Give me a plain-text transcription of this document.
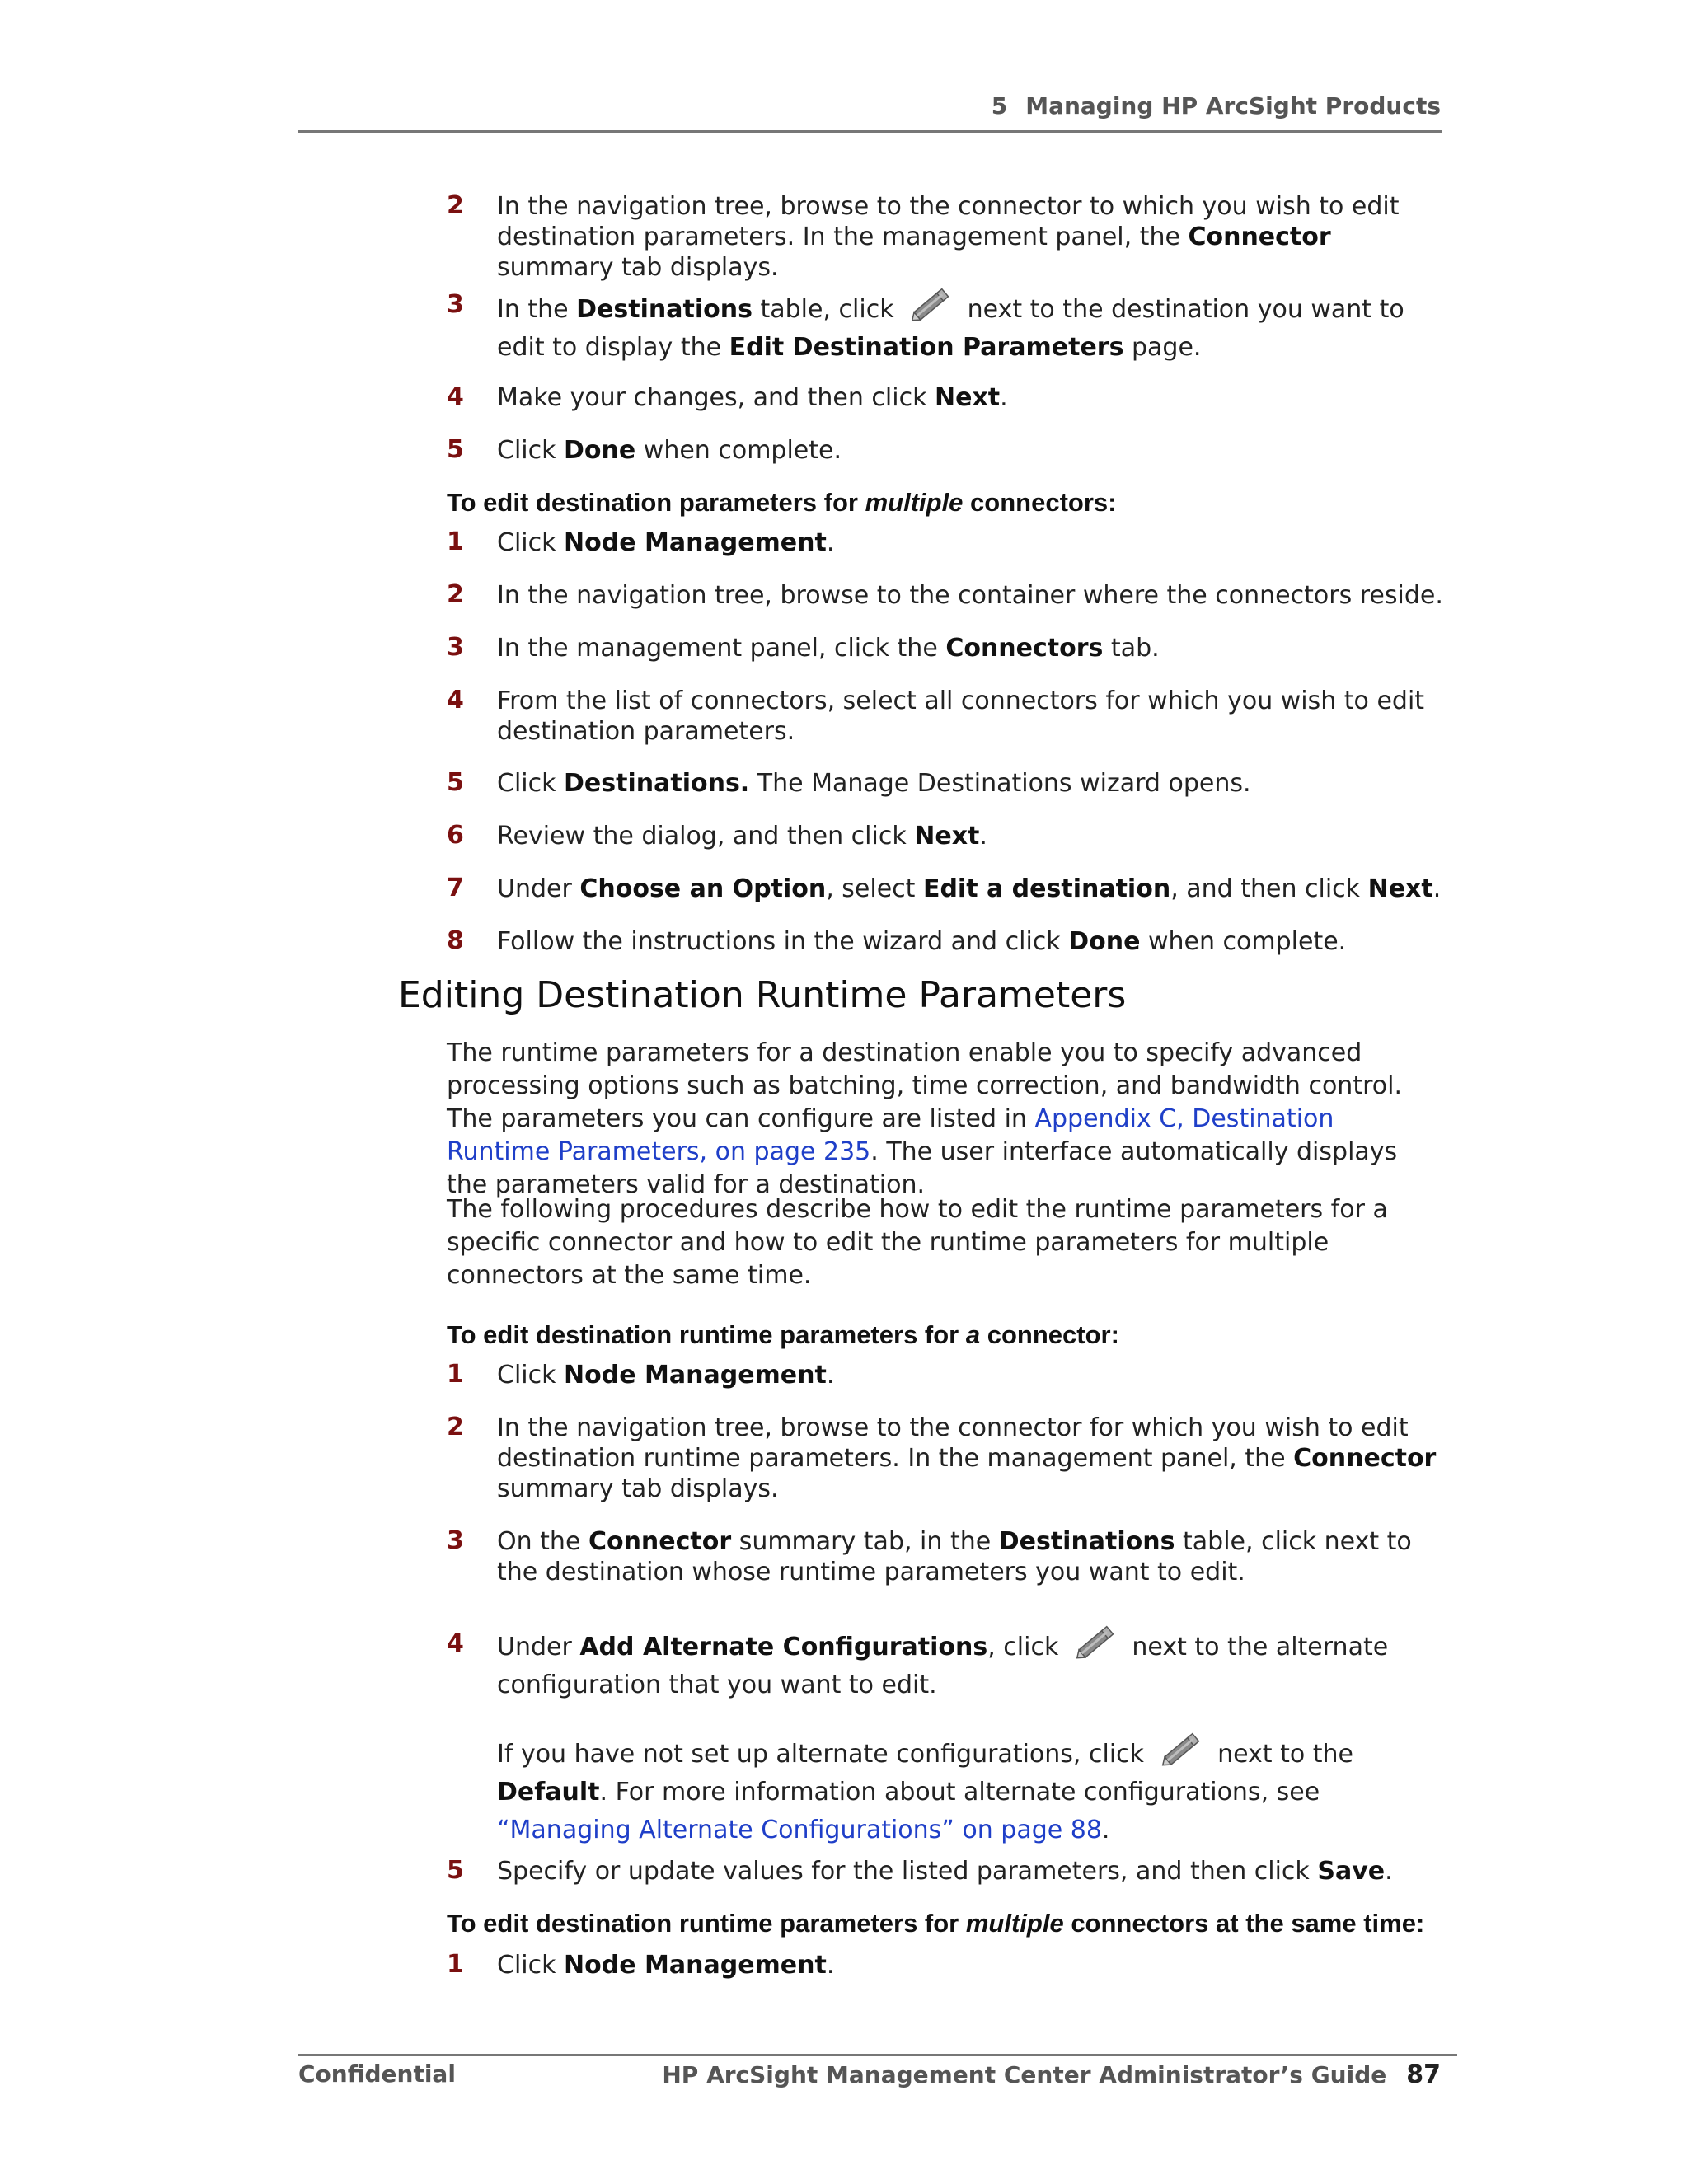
5 Managing HP ArcSight Products
2	In the navigation tree, browse to the connector to which you wish to edit destination parameters. In the management panel, the Connector summary tab displays.
3	In the Destinations table, click  next to the destination you want to edit to display the Edit Destination Parameters page.
4	Make your changes, and then click Next.
5	Click Done when complete.
To edit destination parameters for multiple connectors:
1	Click Node Management.
2	In the navigation tree, browse to the container where the connectors reside.
3	In the management panel, click the Connectors tab.
4	From the list of connectors, select all connectors for which you wish to edit destination parameters.
5	Click Destinations. The Manage Destinations wizard opens.
6	Review the dialog, and then click Next.
7	Under Choose an Option, select Edit a destination, and then click Next.
8	Follow the instructions in the wizard and click Done when complete.
Editing Destination Runtime Parameters
The runtime parameters for a destination enable you to specify advanced processing options such as batching, time correction, and bandwidth control. The parameters you can configure are listed in Appendix C, Destination Runtime Parameters, on page 235. The user interface automatically displays the parameters valid for a destination.
The following procedures describe how to edit the runtime parameters for a specific connector and how to edit the runtime parameters for multiple connectors at the same time.
To edit destination runtime parameters for a connector:
1	Click Node Management.
2	In the navigation tree, browse to the connector for which you wish to edit destination runtime parameters. In the management panel, the Connector summary tab displays.
3	On the Connector summary tab, in the Destinations table, click next to the destination whose runtime parameters you want to edit.
4	Under Add Alternate Configurations, click  next to the alternate configuration that you want to edit.
If you have not set up alternate configurations, click  next to the Default. For more information about alternate configurations, see “Managing Alternate Configurations” on page 88.
5	Specify or update values for the listed parameters, and then click Save.
To edit destination runtime parameters for multiple connectors at the same time:
1	Click Node Management.
Confidential	HP ArcSight Management Center Administrator’s Guide 87
